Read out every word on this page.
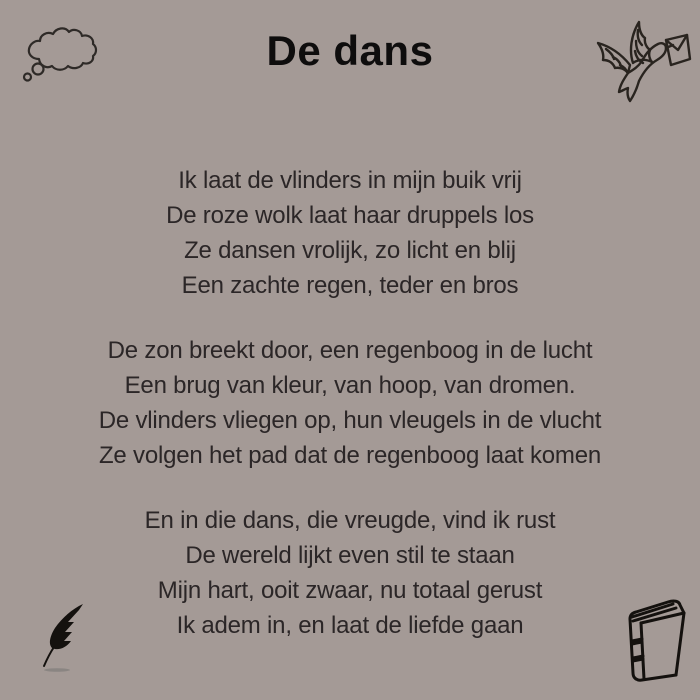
De dans

Ik laat de vlinders in mijn buik vrij
De roze wolk laat haar druppels los
Ze dansen vrolijk, zo licht en blij
Een zachte regen, teder en bros

De zon breekt door, een regenboog in de lucht
Een brug van kleur, van hoop, van dromen.
De vlinders vliegen op, hun vleugels in de vlucht
Ze volgen het pad dat de regenboog laat komen

En in die dans, die vreugde, vind ik rust
De wereld lijkt even stil te staan
Mijn hart, ooit zwaar, nu totaal gerust
Ik adem in, en laat de liefde gaan
